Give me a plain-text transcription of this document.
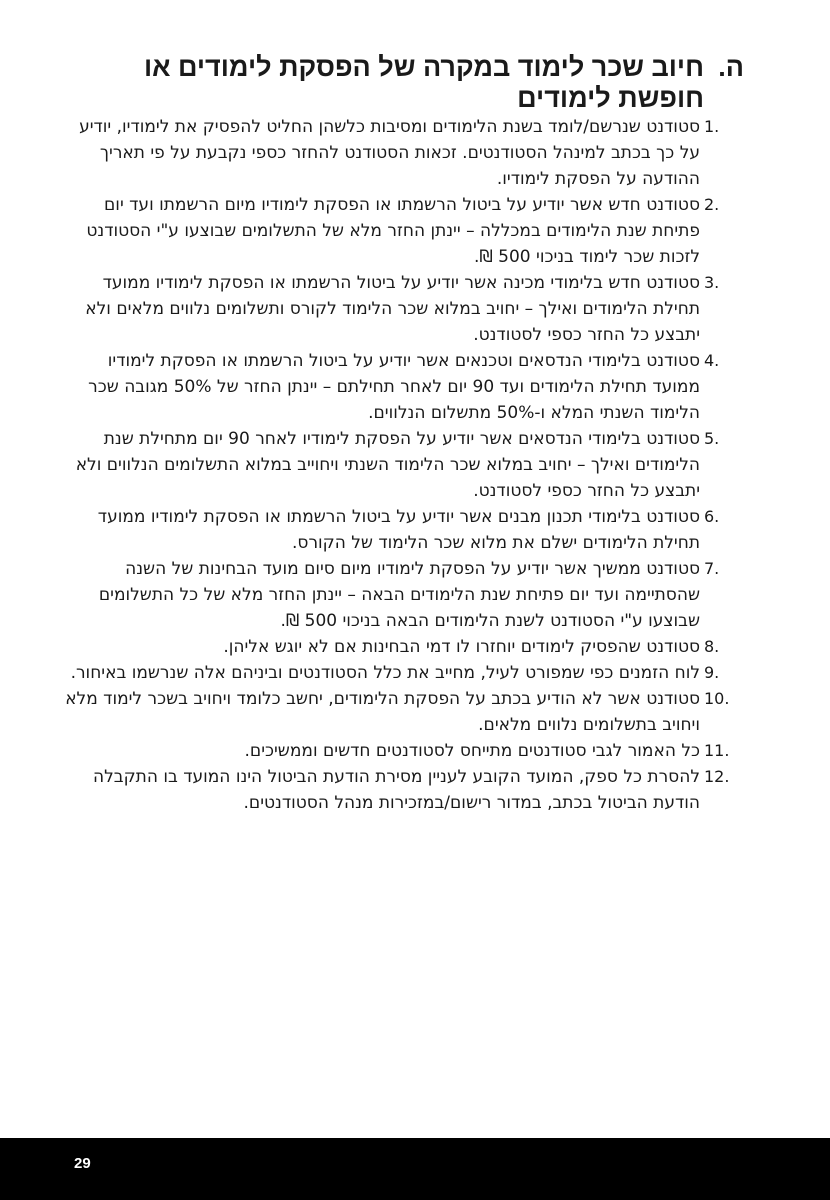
ה.
חיוב שכר לימוד במקרה של הפסקת לימודים או חופשת לימודים
1.
סטודנט שנרשם/לומד בשנת הלימודים ומסיבות כלשהן החליט להפסיק את לימודיו, יודיע על כך בכתב למינהל הסטודנטים. זכאות הסטודנט להחזר כספי נקבעת על פי תאריך ההודעה על הפסקת לימודיו.
2.
סטודנט חדש אשר יודיע על ביטול הרשמתו או הפסקת לימודיו מיום הרשמתו ועד יום פתיחת שנת הלימודים במכללה – יינתן החזר מלא של התשלומים שבוצעו ע"י הסטודנט לזכות שכר לימוד בניכוי 500 ₪.
3.
סטודנט חדש בלימודי מכינה אשר יודיע על ביטול הרשמתו או הפסקת לימודיו ממועד תחילת הלימודים ואילך – יחויב במלוא שכר הלימוד לקורס ותשלומים נלווים מלאים ולא יתבצע כל החזר כספי לסטודנט.
4.
סטודנט בלימודי הנדסאים וטכנאים אשר יודיע על ביטול הרשמתו או הפסקת לימודיו ממועד תחילת הלימודים ועד 90 יום לאחר תחילתם – יינתן החזר של 50% מגובה שכר הלימוד השנתי המלא ו-50% מתשלום הנלווים.
5.
סטודנט בלימודי הנדסאים אשר יודיע על הפסקת לימודיו לאחר 90 יום מתחילת שנת הלימודים ואילך – יחויב במלוא שכר הלימוד השנתי ויחוייב במלוא התשלומים הנלווים ולא יתבצע כל החזר כספי לסטודנט.
6.
סטודנט בלימודי תכנון מבנים אשר יודיע על ביטול הרשמתו או הפסקת לימודיו ממועד תחילת הלימודים ישלם את מלוא שכר הלימוד של הקורס.
7.
סטודנט ממשיך אשר יודיע על הפסקת לימודיו מיום סיום מועד הבחינות של השנה שהסתיימה ועד יום פתיחת שנת הלימודים הבאה – יינתן החזר מלא של כל התשלומים שבוצעו ע"י הסטודנט לשנת הלימודים הבאה בניכוי 500 ₪.
8.
סטודנט שהפסיק לימודים יוחזרו לו דמי הבחינות אם לא יוגש אליהן.
9.
לוח הזמנים כפי שמפורט לעיל, מחייב את כלל הסטודנטים וביניהם אלה שנרשמו באיחור.
10.
סטודנט אשר לא הודיע בכתב על הפסקת הלימודים, יחשב כלומד ויחויב בשכר לימוד מלא ויחויב בתשלומים נלווים מלאים.
11.
כל האמור לגבי סטודנטים מתייחס לסטודנטים חדשים וממשיכים.
12.
להסרת כל ספק, המועד הקובע לעניין מסירת הודעת הביטול הינו המועד בו התקבלה הודעת הביטול בכתב, במדור רישום/במזכירות מנהל הסטודנטים.
29
